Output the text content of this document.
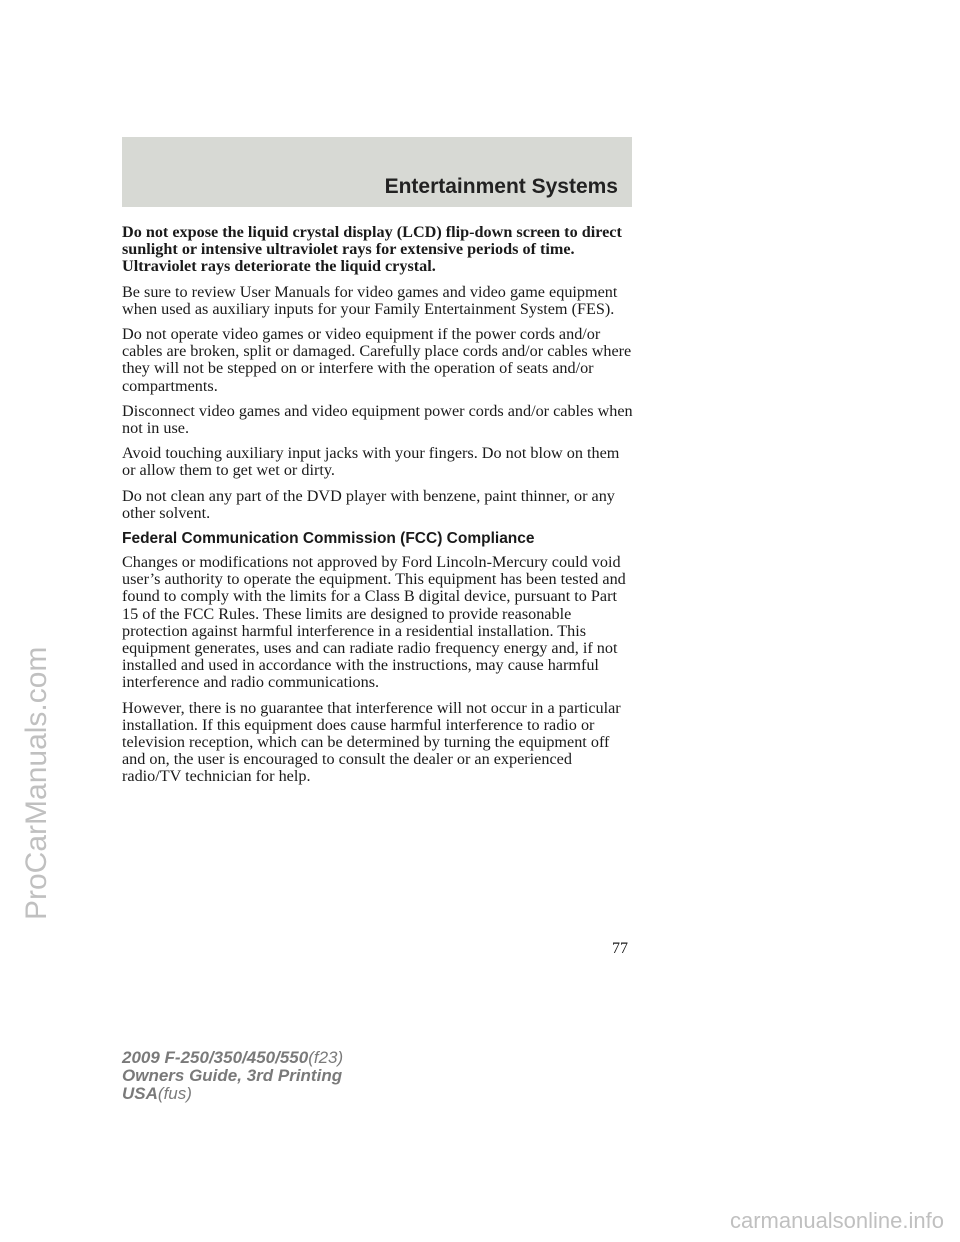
Entertainment Systems

Do not expose the liquid crystal display (LCD) flip-down screen to direct sunlight or intensive ultraviolet rays for extensive periods of time. Ultraviolet rays deteriorate the liquid crystal.

Be sure to review User Manuals for video games and video game equipment when used as auxiliary inputs for your Family Entertainment System (FES).

Do not operate video games or video equipment if the power cords and/or cables are broken, split or damaged. Carefully place cords and/or cables where they will not be stepped on or interfere with the operation of seats and/or compartments.

Disconnect video games and video equipment power cords and/or cables when not in use.

Avoid touching auxiliary input jacks with your fingers. Do not blow on them or allow them to get wet or dirty.

Do not clean any part of the DVD player with benzene, paint thinner, or any other solvent.

Federal Communication Commission (FCC) Compliance

Changes or modifications not approved by Ford Lincoln-Mercury could void user’s authority to operate the equipment. This equipment has been tested and found to comply with the limits for a Class B digital device, pursuant to Part 15 of the FCC Rules. These limits are designed to provide reasonable protection against harmful interference in a residential installation. This equipment generates, uses and can radiate radio frequency energy and, if not installed and used in accordance with the instructions, may cause harmful interference and radio communications.

However, there is no guarantee that interference will not occur in a particular installation. If this equipment does cause harmful interference to radio or television reception, which can be determined by turning the equipment off and on, the user is encouraged to consult the dealer or an experienced radio/TV technician for help.

77
2009 F-250/350/450/550(f23)
Owners Guide, 3rd Printing
USA(fus)
ProCarManuals.com
carmanualsonline.info
